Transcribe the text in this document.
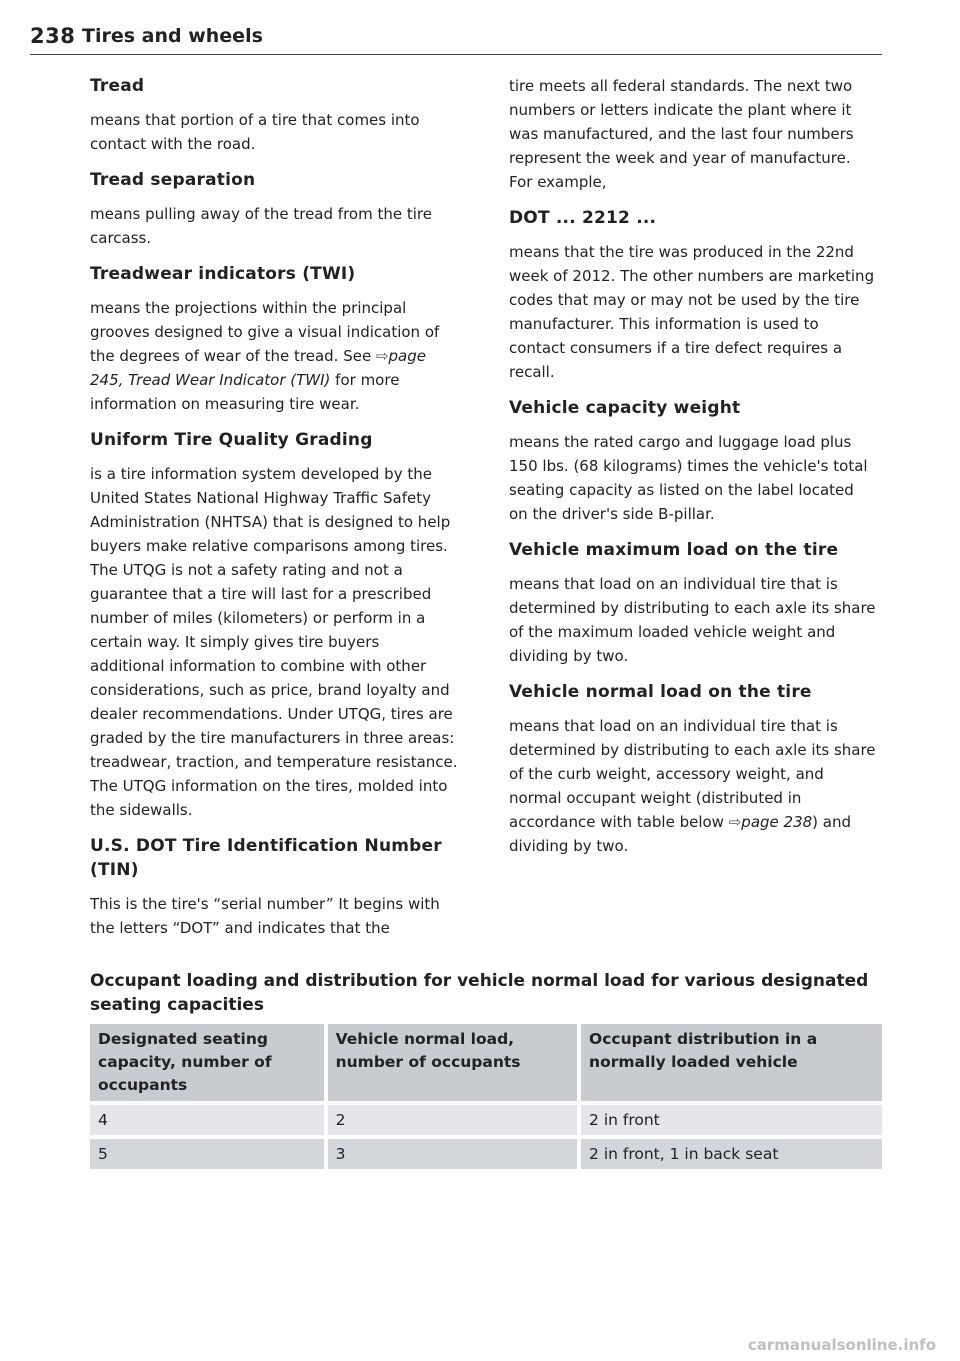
238 Tires and wheels
Tread
means that portion of a tire that comes into contact with the road.
Tread separation
means pulling away of the tread from the tire carcass.
Treadwear indicators (TWI)
means the projections within the principal grooves designed to give a visual indication of the degrees of wear of the tread. See ⇨page 245, Tread Wear Indicator (TWI) for more information on measuring tire wear.
Uniform Tire Quality Grading
is a tire information system developed by the United States National Highway Traffic Safety Administration (NHTSA) that is designed to help buyers make relative comparisons among tires. The UTQG is not a safety rating and not a guarantee that a tire will last for a prescribed number of miles (kilometers) or perform in a certain way. It simply gives tire buyers additional information to combine with other considerations, such as price, brand loyalty and dealer recommendations. Under UTQG, tires are graded by the tire manufacturers in three areas: treadwear, traction, and temperature resistance. The UTQG information on the tires, molded into the sidewalls.
U.S. DOT Tire Identification Number (TIN)
This is the tire's “serial number” It begins with the letters “DOT” and indicates that the
tire meets all federal standards. The next two numbers or letters indicate the plant where it was manufactured, and the last four numbers represent the week and year of manufacture. For example,
DOT ... 2212 ...
means that the tire was produced in the 22nd week of 2012. The other numbers are marketing codes that may or may not be used by the tire manufacturer. This information is used to contact consumers if a tire defect requires a recall.
Vehicle capacity weight
means the rated cargo and luggage load plus 150 lbs. (68 kilograms) times the vehicle's total seating capacity as listed on the label located on the driver's side B-pillar.
Vehicle maximum load on the tire
means that load on an individual tire that is determined by distributing to each axle its share of the maximum loaded vehicle weight and dividing by two.
Vehicle normal load on the tire
means that load on an individual tire that is determined by distributing to each axle its share of the curb weight, accessory weight, and normal occupant weight (distributed in accordance with table below ⇨page 238) and dividing by two.
Occupant loading and distribution for vehicle normal load for various designated seating capacities
Designated seating capacity, number of occupants	Vehicle normal load, number of occupants	Occupant distribution in a normally loaded vehicle
4	2	2 in front
5	3	2 in front, 1 in back seat
carmanualsonline.info
